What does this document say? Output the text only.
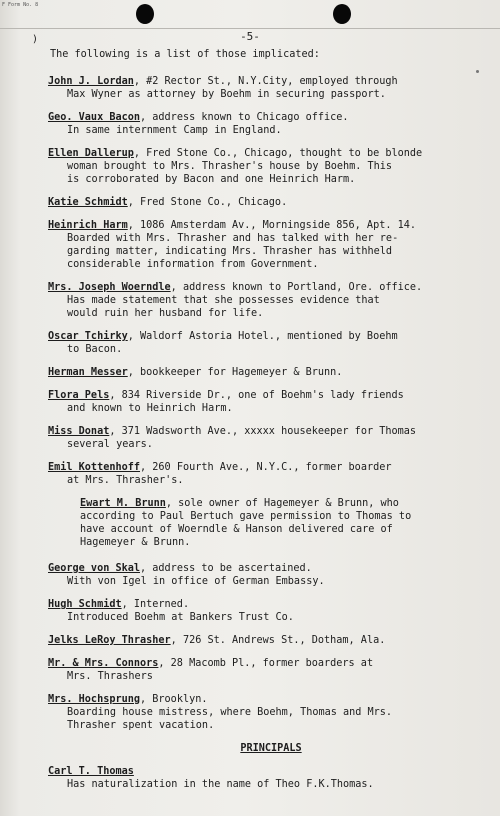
F Form No. 8
-5-
)
The following is a list of those implicated:
John J. Lordan, #2 Rector St., N.Y.City, employed through
Max Wyner as attorney by Boehm in securing passport.
Geo. Vaux Bacon, address known to Chicago office.
In same internment Camp in England.
Ellen Dallerup, Fred Stone Co., Chicago, thought to be blonde
woman brought to Mrs. Thrasher's house by Boehm. This
is corroborated by Bacon and one Heinrich Harm.
Katie Schmidt, Fred Stone Co., Chicago.
Heinrich Harm, 1086 Amsterdam Av., Morningside 856, Apt. 14.
Boarded with Mrs. Thrasher and has talked with her re-
garding matter, indicating Mrs. Thrasher has withheld
considerable information from Government.
Mrs. Joseph Woerndle, address known to Portland, Ore. office.
Has made statement that she possesses evidence that
would ruin her husband for life.
Oscar Tchirky, Waldorf Astoria Hotel., mentioned by Boehm
to Bacon.
Herman Messer, bookkeeper for Hagemeyer & Brunn.
Flora Pels, 834 Riverside Dr., one of Boehm's lady friends
and known to Heinrich Harm.
Miss Donat, 371 Wadsworth Ave., xxxxx housekeeper for Thomas
several years.
Emil Kottenhoff, 260 Fourth Ave., N.Y.C., former boarder
at Mrs. Thrasher's.
Ewart M. Brunn, sole owner of Hagemeyer & Brunn, who
according to Paul Bertuch gave permission to Thomas to
have account of Woerndle & Hanson delivered care of
Hagemeyer & Brunn.
George von Skal, address to be ascertained.
With von Igel in office of German Embassy.
Hugh Schmidt, Interned.
Introduced Boehm at Bankers Trust Co.
Jelks LeRoy Thrasher, 726 St. Andrews St., Dotham, Ala.
Mr. & Mrs. Connors, 28 Macomb Pl., former boarders at
Mrs. Thrashers
Mrs. Hochsprung, Brooklyn.
Boarding house mistress, where Boehm, Thomas and Mrs.
Thrasher spent vacation.
PRINCIPALS
Carl T. Thomas
Has naturalization in the name of Theo F.K.Thomas.
